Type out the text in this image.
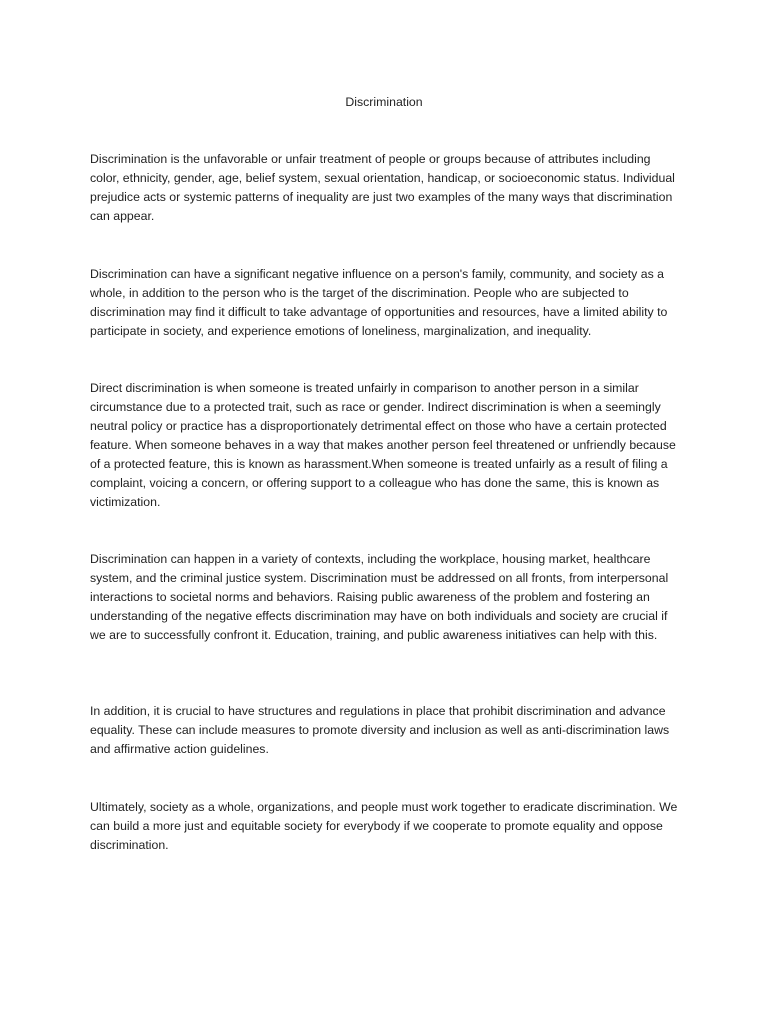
Discrimination

Discrimination is the unfavorable or unfair treatment of people or groups because of attributes including color, ethnicity, gender, age, belief system, sexual orientation, handicap, or socioeconomic status. Individual prejudice acts or systemic patterns of inequality are just two examples of the many ways that discrimination can appear.

Discrimination can have a significant negative influence on a person's family, community, and society as a whole, in addition to the person who is the target of the discrimination. People who are subjected to discrimination may find it difficult to take advantage of opportunities and resources, have a limited ability to participate in society, and experience emotions of loneliness, marginalization, and inequality.

Direct discrimination is when someone is treated unfairly in comparison to another person in a similar circumstance due to a protected trait, such as race or gender. Indirect discrimination is when a seemingly neutral policy or practice has a disproportionately detrimental effect on those who have a certain protected feature. When someone behaves in a way that makes another person feel threatened or unfriendly because of a protected feature, this is known as harassment.When someone is treated unfairly as a result of filing a complaint, voicing a concern, or offering support to a colleague who has done the same, this is known as victimization.

Discrimination can happen in a variety of contexts, including the workplace, housing market, healthcare system, and the criminal justice system. Discrimination must be addressed on all fronts, from interpersonal interactions to societal norms and behaviors. Raising public awareness of the problem and fostering an understanding of the negative effects discrimination may have on both individuals and society are crucial if we are to successfully confront it. Education, training, and public awareness initiatives can help with this.

In addition, it is crucial to have structures and regulations in place that prohibit discrimination and advance equality. These can include measures to promote diversity and inclusion as well as anti-discrimination laws and affirmative action guidelines.

Ultimately, society as a whole, organizations, and people must work together to eradicate discrimination. We can build a more just and equitable society for everybody if we cooperate to promote equality and oppose discrimination.
